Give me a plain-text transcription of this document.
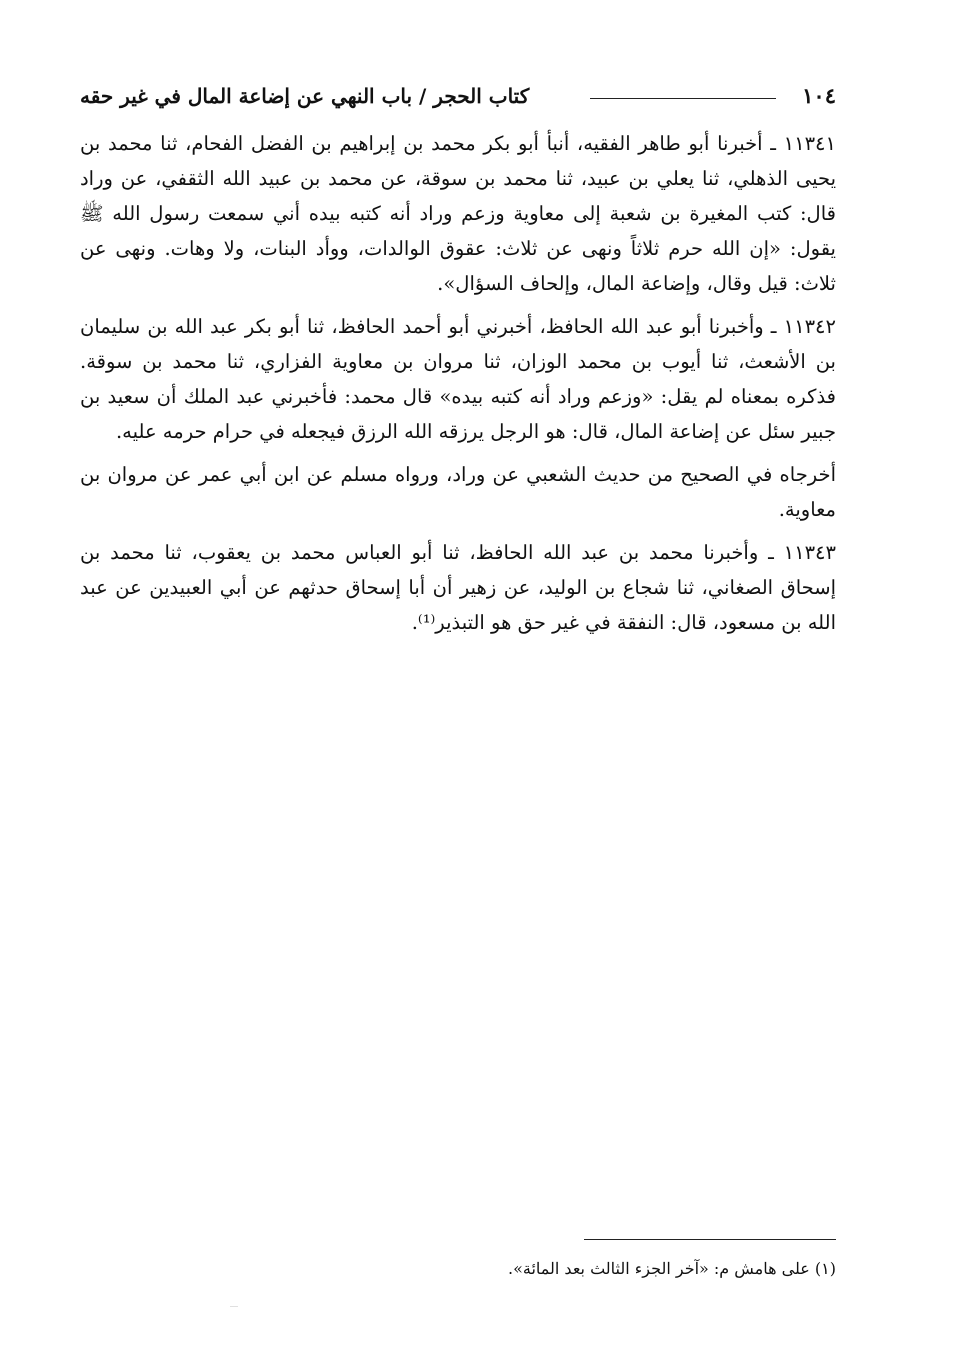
١٠٤
كتاب الحجر / باب النهي عن إضاعة المال في غير حقه

١١٣٤١ ـ أخبرنا أبو طاهر الفقيه، أنبأ أبو بكر محمد بن إبراهيم بن الفضل الفحام، ثنا محمد بن يحيى الذهلي، ثنا يعلي بن عبيد، ثنا محمد بن سوقة، عن محمد بن عبيد الله الثقفي، عن وراد قال: كتب المغيرة بن شعبة إلى معاوية وزعم وراد أنه كتبه بيده أني سمعت رسول الله ﷺ يقول: «إن الله حرم ثلاثاً ونهى عن ثلاث: عقوق الوالدات، ووأد البنات، ولا وهات. ونهى عن ثلاث: قيل وقال، وإضاعة المال، وإلحاف السؤال».

١١٣٤٢ ـ وأخبرنا أبو عبد الله الحافظ، أخبرني أبو أحمد الحافظ، ثنا أبو بكر عبد الله بن سليمان بن الأشعث، ثنا أيوب بن محمد الوزان، ثنا مروان بن معاوية الفزاري، ثنا محمد بن سوقة. فذكره بمعناه لم يقل: «وزعم وراد أنه كتبه بيده» قال محمد: فأخبرني عبد الملك أن سعيد بن جبير سئل عن إضاعة المال، قال: هو الرجل يرزقه الله الرزق فيجعله في حرام حرمه عليه.

أخرجاه في الصحيح من حديث الشعبي عن وراد، ورواه مسلم عن ابن أبي عمر عن مروان بن معاوية.

١١٣٤٣ ـ وأخبرنا محمد بن عبد الله الحافظ، ثنا أبو العباس محمد بن يعقوب، ثنا محمد بن إسحاق الصغاني، ثنا شجاع بن الوليد، عن زهير أن أبا إسحاق حدثهم عن أبي العبيدين عن عبد الله بن مسعود، قال: النفقة في غير حق هو التبذير⁽¹⁾.

(١) على هامش م: «آخر الجزء الثالث بعد المائة».
